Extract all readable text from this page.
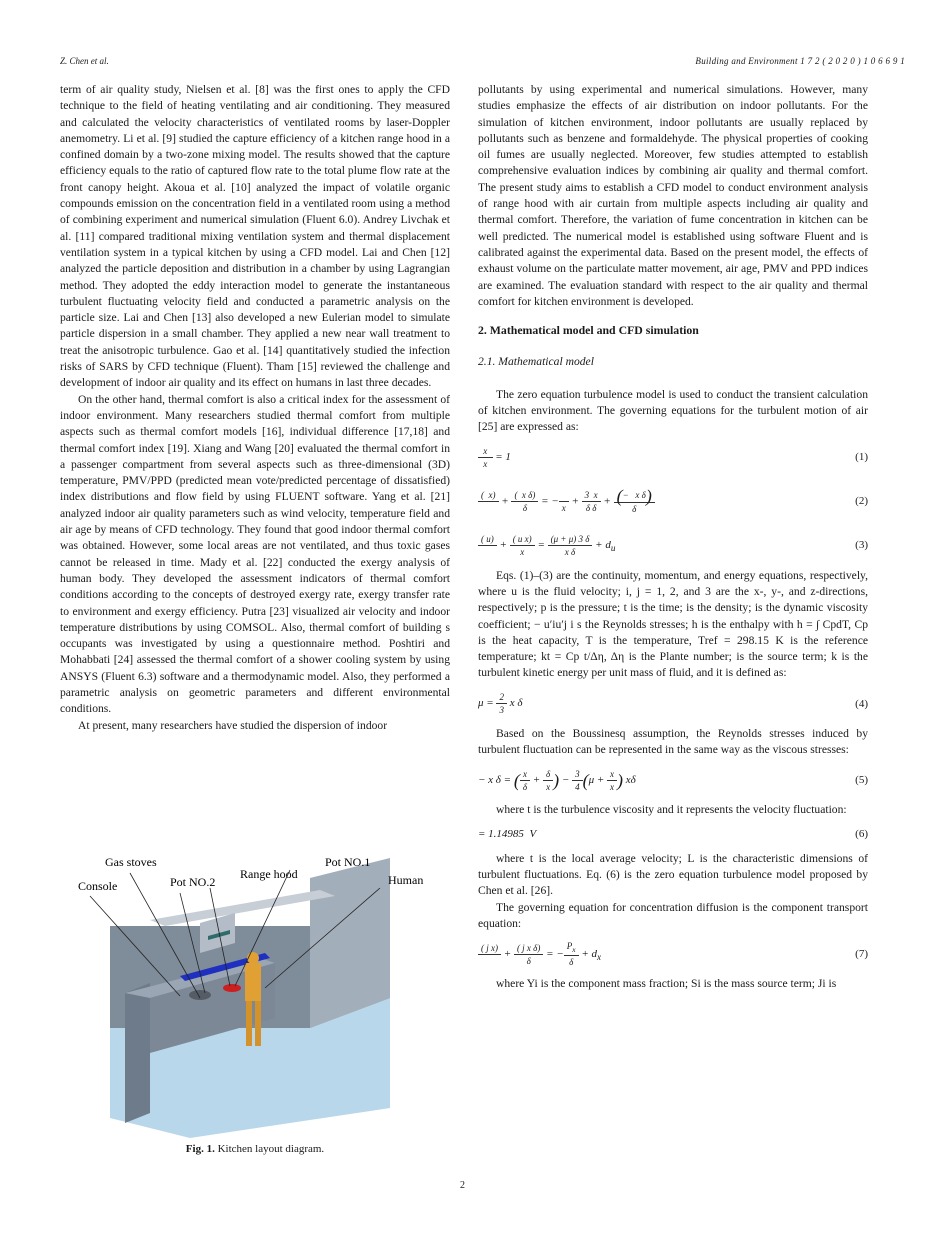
Z. Chen et al.	Building and Environment 1 7 2 ( 2 0 2 0 ) 1 0 6 6 9 1

term of air quality study, Nielsen et al. [8] was the first ones to apply the CFD technique to the field of heating ventilating and air conditioning. They measured and calculated the velocity characteristics of ventilated rooms by laser-Doppler anemometry. Li et al. [9] studied the capture efficiency of a kitchen range hood in a confined domain by a two-zone mixing model. The results showed that the capture efficiency equals to the ratio of captured flow rate to the total plume flow rate at the front canopy height. Akoua et al. [10] analyzed the impact of volatile organic compounds emission on the concentration field in a ventilated room using a method of combining experiment and numerical simulation (Fluent 6.0). Andrey Livchak et al. [11] compared traditional mixing ventilation system and thermal displacement ventilation system in a typical kitchen by using a CFD model. Lai and Chen [12] analyzed the particle deposition and distribution in a chamber by using Lagrangian method. They adopted the eddy interaction model to generate the instantaneous turbulent fluctuating velocity field and conducted a parametric analysis on the particle size. Lai and Chen [13] also developed a new Eulerian model to simulate particle dispersion in a small chamber. They applied a new near wall treatment to treat the anisotropic turbulence. Gao et al. [14] quantitatively studied the infection risks of SARS by CFD technique (Fluent). Tham [15] reviewed the challenge and development of indoor air quality and its effect on humans in last three decades.

On the other hand, thermal comfort is also a critical index for the assessment of indoor environment. Many researchers studied thermal comfort from multiple aspects such as thermal comfort models [16], individual difference [17,18] and thermal comfort index [19]. Xiang and Wang [20] evaluated the thermal comfort in a passenger compartment from several aspects such as three-dimensional (3D) temperature, PMV/PPD (predicted mean vote/predicted percentage of dissatisfied) index distributions and flow field by using FLUENT software. Yang et al. [21] analyzed indoor air quality parameters such as wind velocity, temperature field and air age by means of CFD technology. They found that good indoor thermal comfort was obtained. However, some local areas are not ventilated, and thus toxic gases cannot be released in time. Mady et al. [22] conducted the exergy analysis of human body. They developed the assessment indicators of thermal comfort conditions according to the concepts of destroyed exergy rate, exergy transfer rate to environment and exergy efficiency. Putra [23] visualized air velocity and indoor temperature distributions by using COMSOL. Also, thermal comfort of building s occupants was investigated by using a questionnaire method. Poshtiri and Mohabbati [24] assessed the thermal comfort of a shower cooling system by using ANSYS (Fluent 6.3) software and a thermodynamic model. Also, they performed a parametric analysis on geometric parameters and different environmental conditions.

At present, many researchers have studied the dispersion of indoor

Gas stoves
Range hood
Pot NO.1
Console	Pot NO.2	Human
Fig. 1. Kitchen layout diagram.

pollutants by using experimental and numerical simulations. However, many studies emphasize the effects of air distribution on indoor pollutants. For the simulation of kitchen environment, indoor pollutants are usually replaced by pollutants such as benzene and formaldehyde. The physical properties of cooking oil fumes are usually neglected. Moreover, few studies attempted to establish comprehensive evaluation indices by combining air quality and thermal comfort. The present study aims to establish a CFD model to conduct environment analysis of range hood with air curtain from multiple aspects including air quality and thermal comfort. Therefore, the variation of fume concentration in kitchen can be well predicted. The numerical model is established using software Fluent and is calibrated against the experimental data. Based on the present model, the effects of exhaust volume on the particulate matter movement, air age, PMV and PPD indices are examined. The evaluation standard with respect to the air quality and thermal comfort for kitchen environment is developed.

2. Mathematical model and CFD simulation
2.1. Mathematical model

The zero equation turbulence model is used to conduct the transient calculation of kitchen environment. The governing equations for the turbulent motion of air [25] are expressed as:

$\frac{x}{x} = 1$	(1)
(  x)

+ $\frac{\text{(  x δ)}}{\delta}$ = −

x
+ $\frac{3 x}{\text{δ δ}} + \frac{\text{(−   x δ)}}{\delta}$	(2)
( u)

+ $\frac{\text{( u x)}}{x} = \frac{(\mu + \mu) 3 \delta}{\text{x δ}} + d_u$	(3)

Eqs. (1)–(3) are the continuity, momentum, and energy equations, respectively, where u is the fluid velocity; i, j = 1, 2, and 3 are the x-, y-, and z-directions, respectively; p is the pressure; t is the time; is the density; is the dynamic viscosity coefficient; − u′iu′j i s the Reynolds stresses; h is the enthalpy with h = ∫ CpdT, Cp is the heat capacity, T is the temperature, Tref = 298.15 K is the reference temperature; kt = Cp t/Δη, Δη is the Plante number; is the source term; k is the turbulent kinetic energy per unit mass of fluid, and it is defined as:

$\mu = \frac{2}{3}$ x δ	(4)

Based on the Boussinesq assumption, the Reynolds stresses induced by turbulent fluctuation can be represented in the same way as the viscous stresses:

− x δ = ( $\frac{x}{\delta} + \frac{\delta}{x}$ ) − $\frac{3}{4} (\mu + \frac{x}{x}$ ) xδ	(5)

where t is the turbulence viscosity and it represents the velocity fluctuation:

= 1.14985 V	(6)

where t is the local average velocity; L is the characteristic dimensions of turbulent fluctuations. Eq. (6) is the zero equation turbulence model proposed by Chen et al. [26].

The governing equation for concentration diffusion is the component transport equation:

( j x)

+ $\frac{\text{( j x δ)}}{\delta}$ = − $\frac{P_x}{\delta} + d_x$	(7)

where Yi is the component mass fraction; Si is the mass source term; Ji is

2
